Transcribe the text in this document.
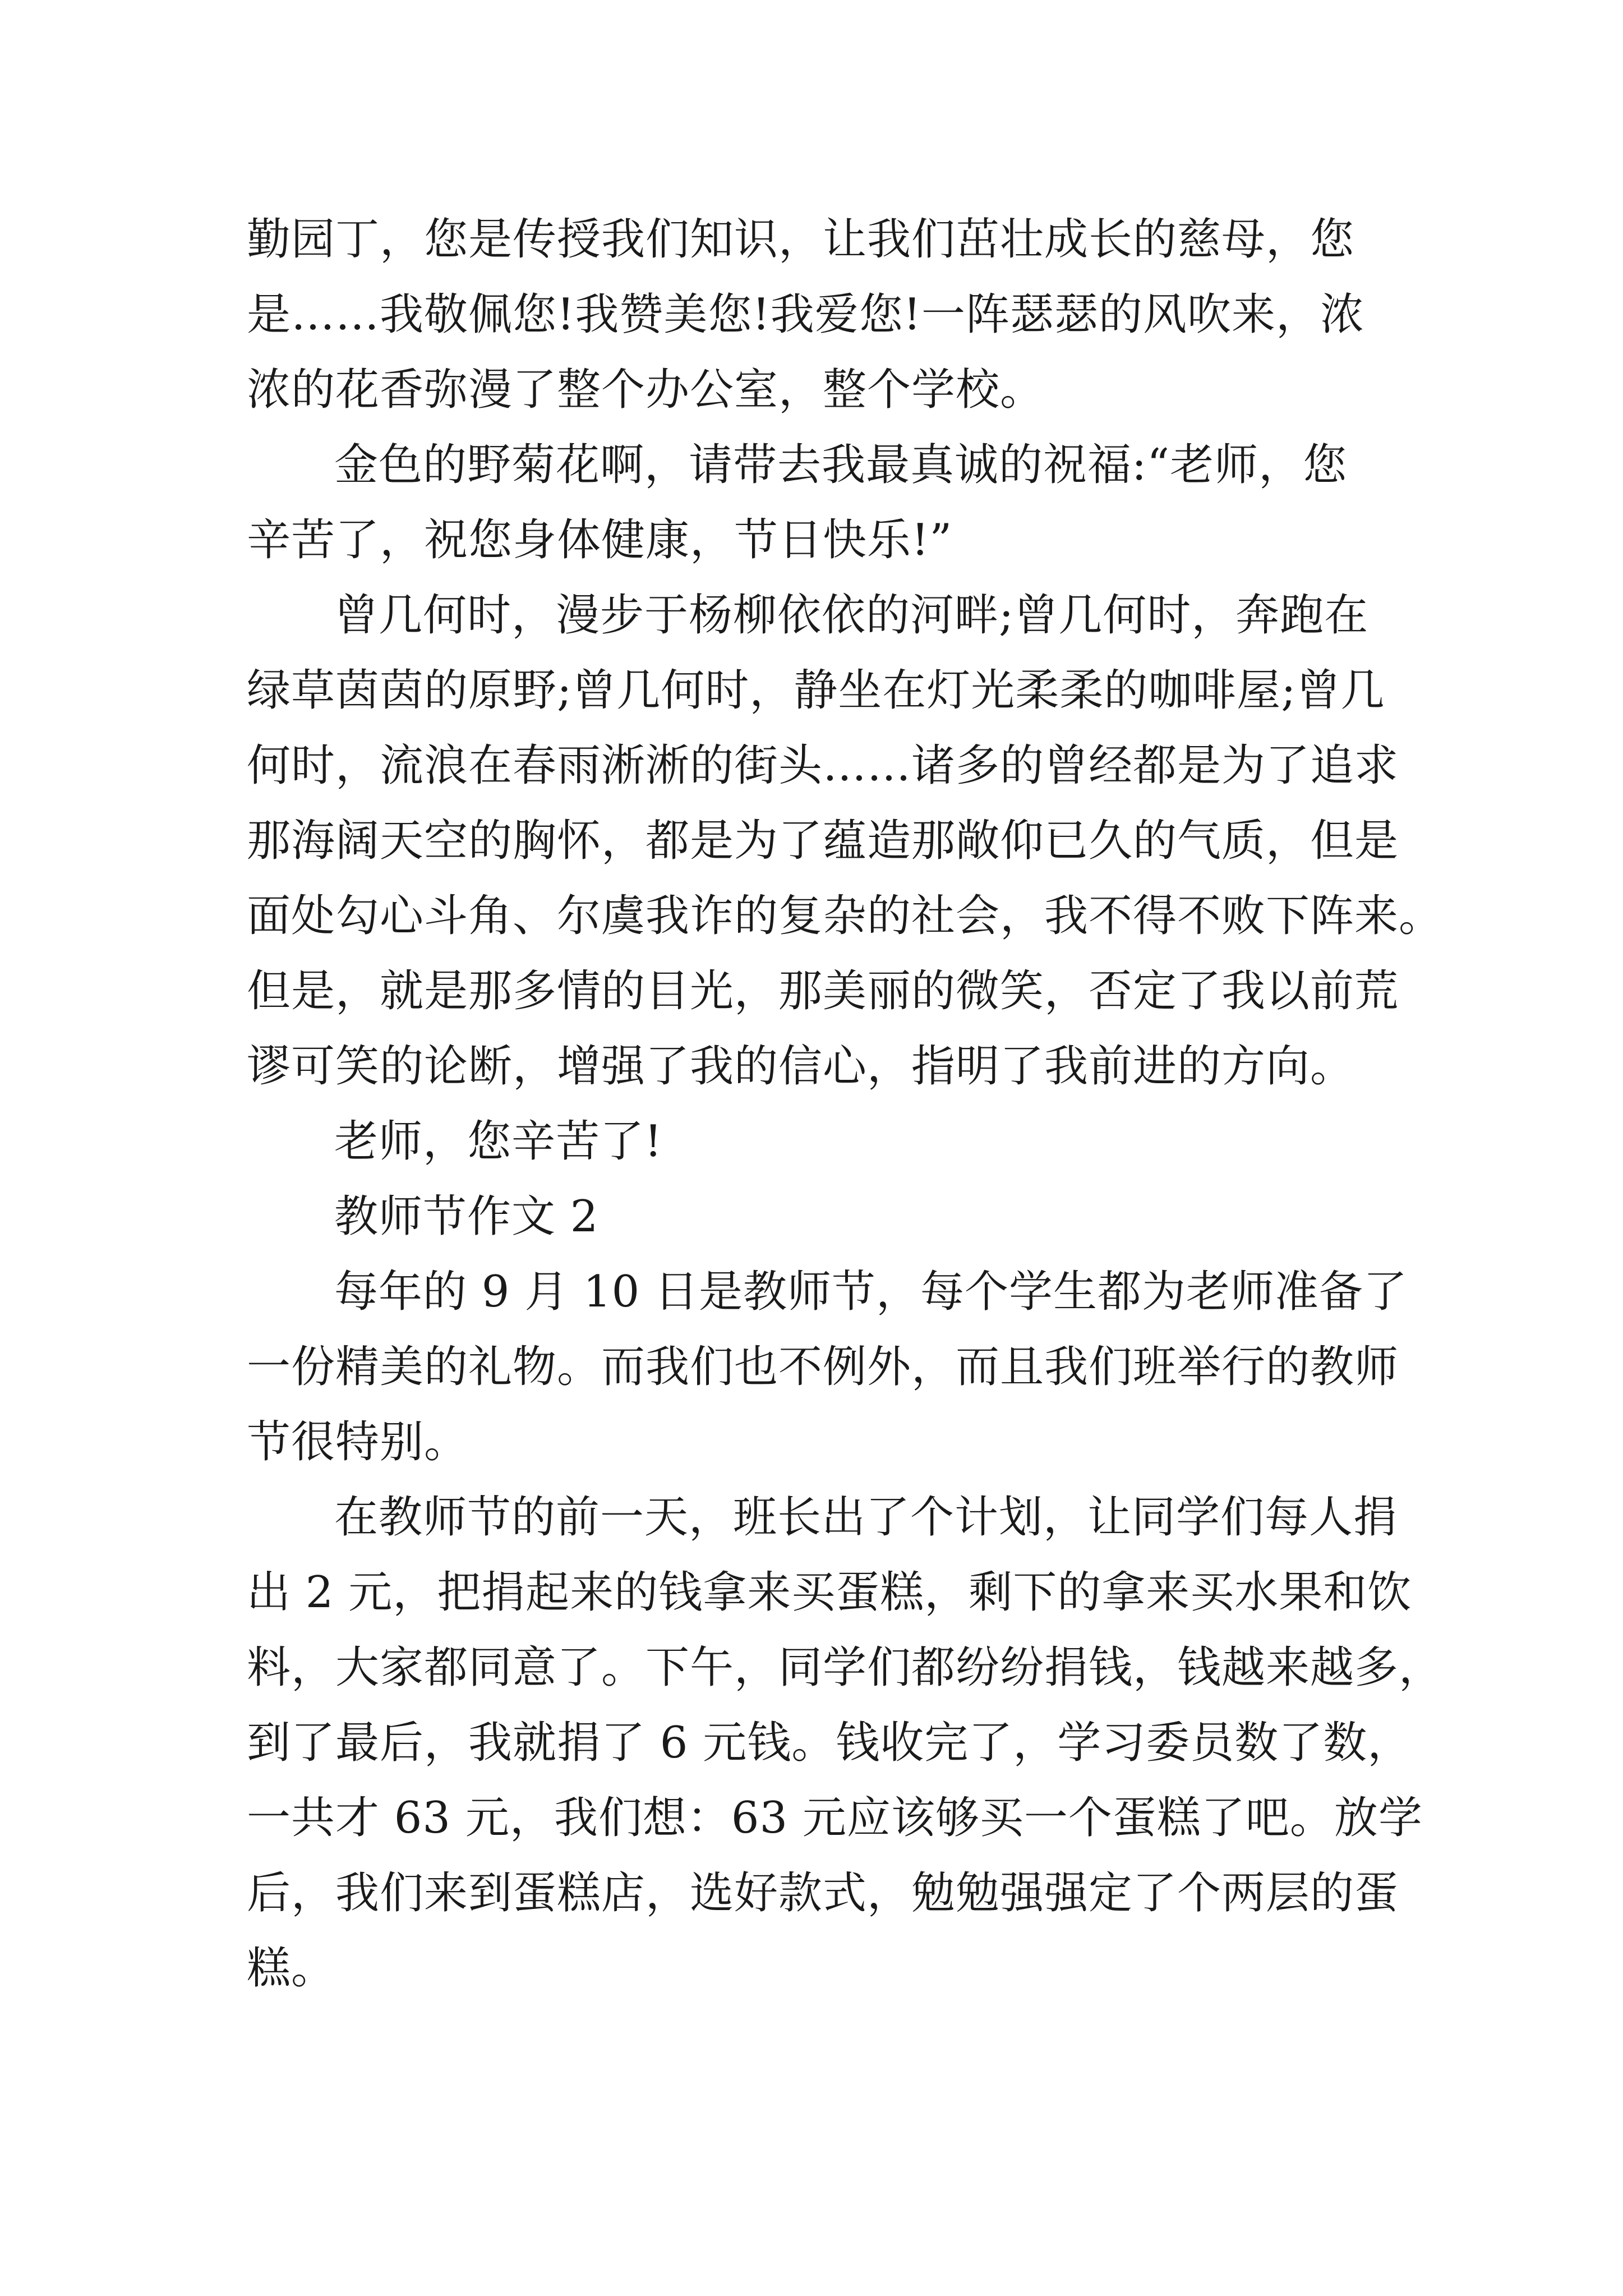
勤园丁，您是传授我们知识，让我们茁壮成长的慈母，您
是……我敬佩您!我赞美您!我爱您!一阵瑟瑟的风吹来，浓
浓的花香弥漫了整个办公室，整个学校。
金色的野菊花啊，请带去我最真诚的祝福:“老师，您
辛苦了，祝您身体健康，节日快乐!”
曾几何时，漫步于杨柳依依的河畔;曾几何时，奔跑在
绿草茵茵的原野;曾几何时，静坐在灯光柔柔的咖啡屋;曾几
何时，流浪在春雨淅淅的街头……诸多的曾经都是为了追求
那海阔天空的胸怀，都是为了蕴造那敞仰已久的气质，但是
面处勾心斗角、尔虞我诈的复杂的社会，我不得不败下阵来。
但是，就是那多情的目光，那美丽的微笑，否定了我以前荒
谬可笑的论断，增强了我的信心，指明了我前进的方向。
老师，您辛苦了!
教师节作文 2
每年的 9 月 10 日是教师节，每个学生都为老师准备了
一份精美的礼物。而我们也不例外，而且我们班举行的教师
节很特别。
在教师节的前一天，班长出了个计划，让同学们每人捐
出 2 元，把捐起来的钱拿来买蛋糕，剩下的拿来买水果和饮
料，大家都同意了。下午，同学们都纷纷捐钱，钱越来越多，
到了最后，我就捐了 6 元钱。钱收完了，学习委员数了数，
一共才 63 元，我们想：63 元应该够买一个蛋糕了吧。放学
后，我们来到蛋糕店，选好款式，勉勉强强定了个两层的蛋
糕。
